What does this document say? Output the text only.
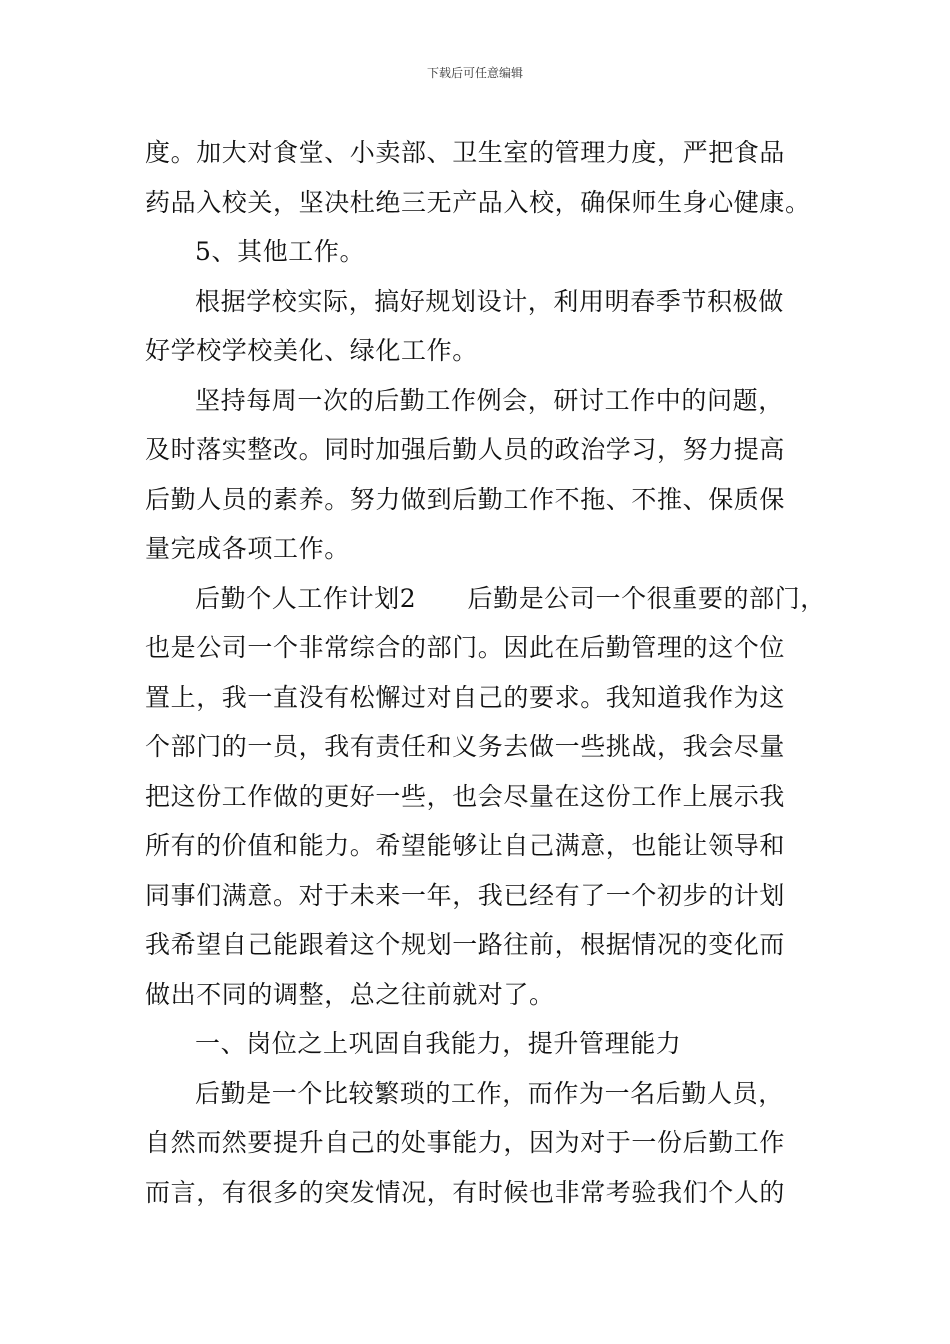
下载后可任意编辑
度。加大对食堂、小卖部、卫生室的管理力度，严把食品
药品入校关，坚决杜绝三无产品入校，确保师生身心健康。
5、其他工作。
根据学校实际，搞好规划设计，利用明春季节积极做
好学校学校美化、绿化工作。
坚持每周一次的后勤工作例会，研讨工作中的问题，
及时落实整改。同时加强后勤人员的政治学习，努力提高
后勤人员的素养。努力做到后勤工作不拖、不推、保质保
量完成各项工作。
后勤个人工作计划2　　后勤是公司一个很重要的部门，
也是公司一个非常综合的部门。因此在后勤管理的这个位
置上，我一直没有松懈过对自己的要求。我知道我作为这
个部门的一员，我有责任和义务去做一些挑战，我会尽量
把这份工作做的更好一些，也会尽量在这份工作上展示我
所有的价值和能力。希望能够让自己满意，也能让领导和
同事们满意。对于未来一年，我已经有了一个初步的计划
我希望自己能跟着这个规划一路往前，根据情况的变化而
做出不同的调整，总之往前就对了。
一、岗位之上巩固自我能力，提升管理能力
后勤是一个比较繁琐的工作，而作为一名后勤人员，
自然而然要提升自己的处事能力，因为对于一份后勤工作
而言，有很多的突发情况，有时候也非常考验我们个人的
